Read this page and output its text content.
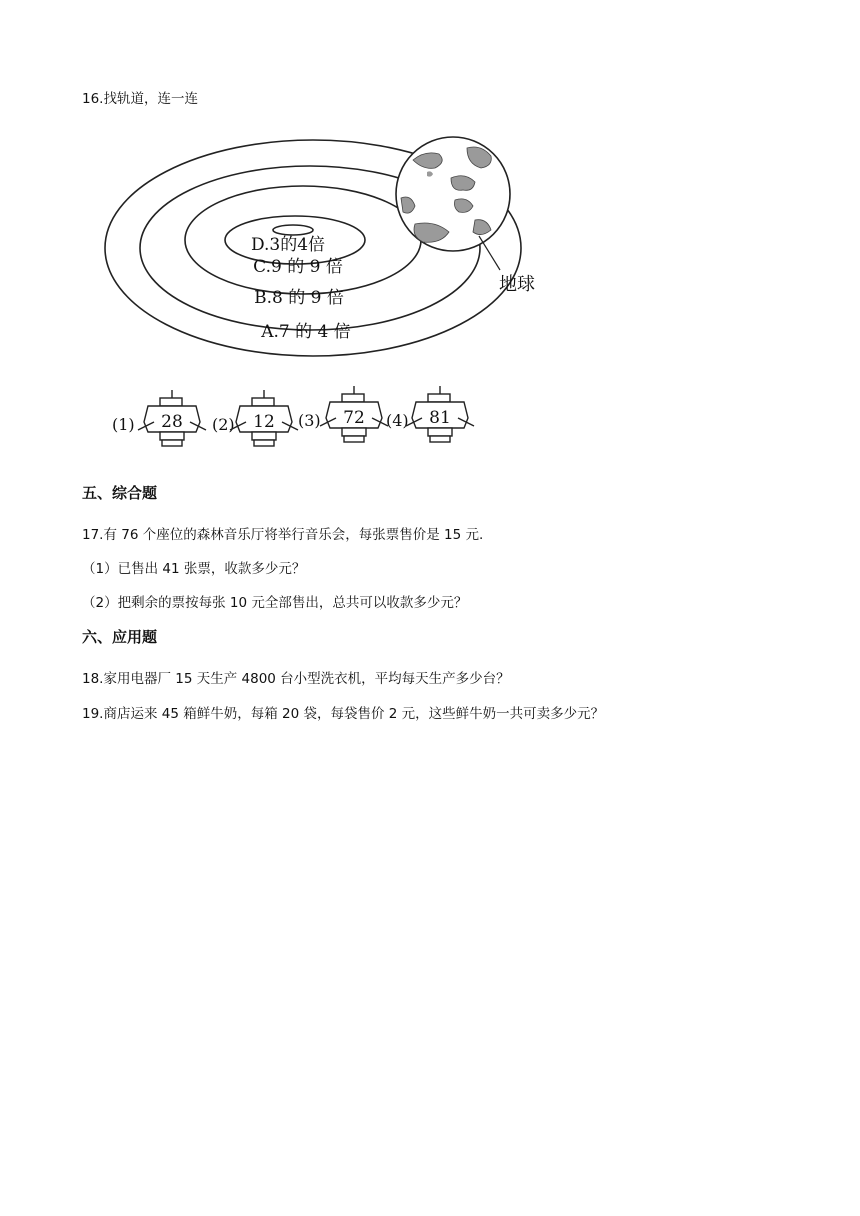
16.找轨道，连一连
D.3的4倍
C.9 的 9 倍
B.8 的 9 倍
A.7 的 4 倍
地球
(1) 28 (2) 12 (3) 72 (4) 81
五、综合题
17.有 76 个座位的森林音乐厅将举行音乐会，每张票售价是 15 元.
（1）已售出 41 张票，收款多少元？
（2）把剩余的票按每张 10 元全部售出，总共可以收款多少元？
六、应用题
18.家用电器厂 15 天生产 4800 台小型洗衣机，平均每天生产多少台？
19.商店运来 45 箱鲜牛奶，每箱 20 袋，每袋售价 2 元，这些鲜牛奶一共可卖多少元？
